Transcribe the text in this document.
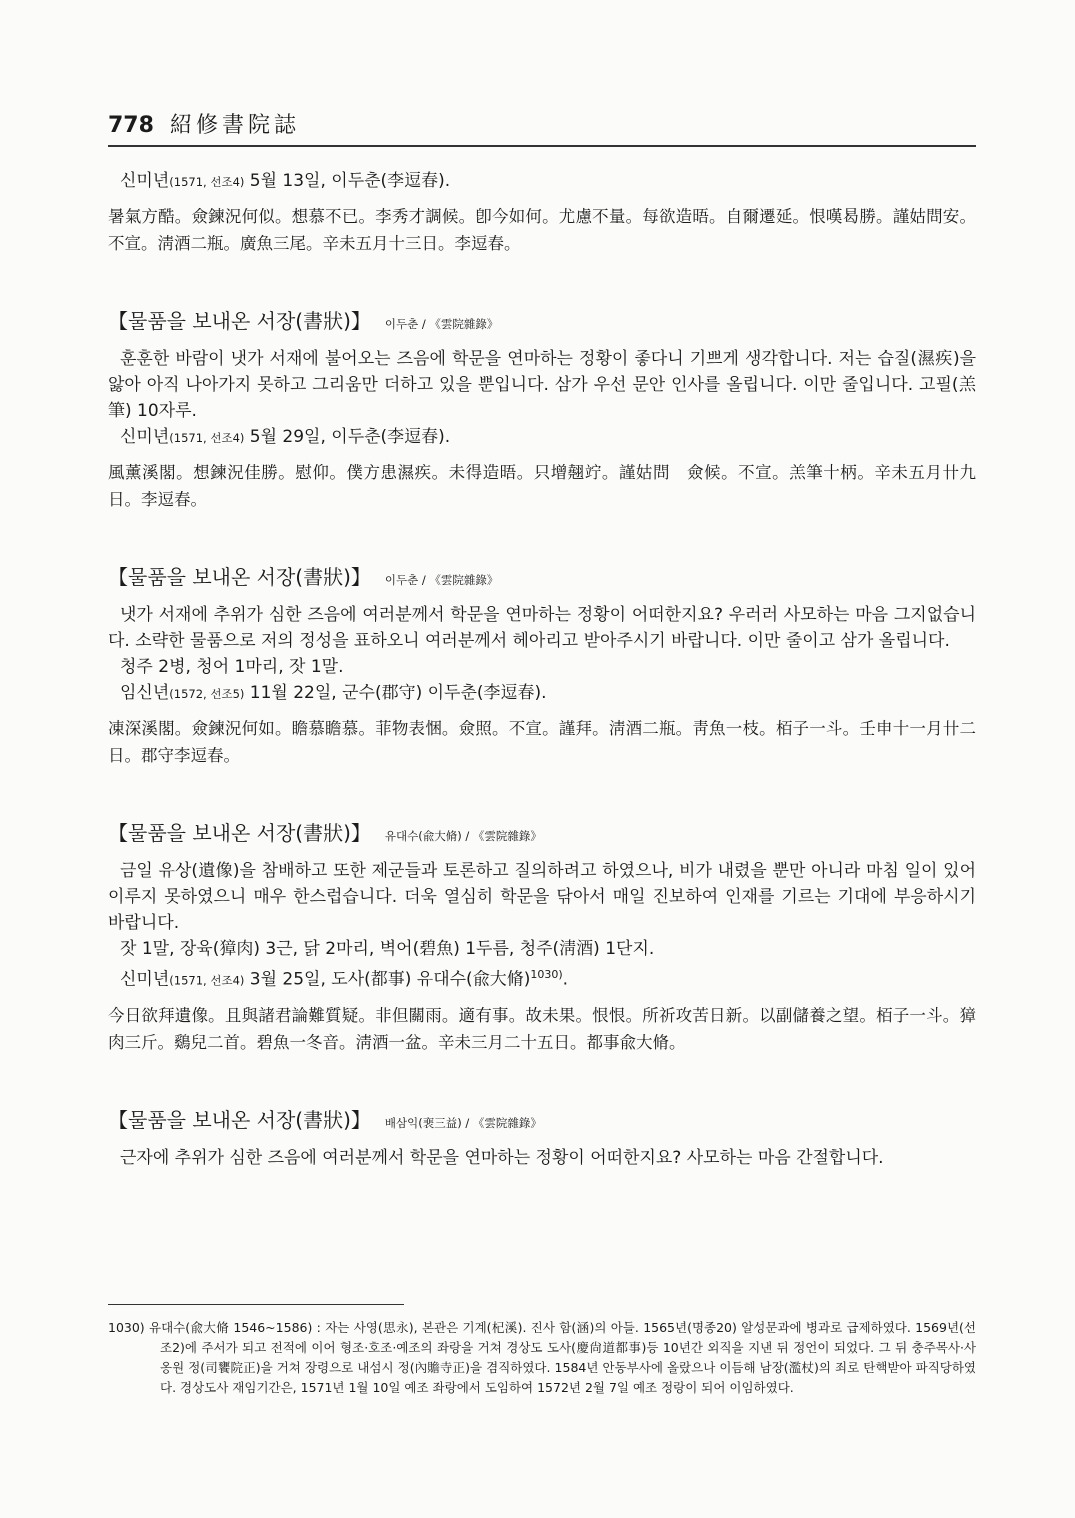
778 紹修書院誌

신미년(1571, 선조4) 5월 13일, 이두춘(李逗春).

暑氣方酷。僉鍊況何似。想慕不已。李秀才調候。卽今如何。尤慮不量。每欲造晤。自爾遷延。恨嘆曷勝。謹姑問安。不宣。淸酒二瓶。廣魚三尾。辛未五月十三日。李逗春。

【물품을 보내온 서장(書狀)】 이두춘 / 《雲院雜錄》

훈훈한 바람이 냇가 서재에 불어오는 즈음에 학문을 연마하는 정황이 좋다니 기쁘게 생각합니다. 저는 습질(濕疾)을 앓아 아직 나아가지 못하고 그리움만 더하고 있을 뿐입니다. 삼가 우선 문안 인사를 올립니다. 이만 줄입니다. 고필(羔筆) 10자루.

신미년(1571, 선조4) 5월 29일, 이두춘(李逗春).

風薰溪閣。想鍊況佳勝。慰仰。僕方患濕疾。未得造晤。只增翹竚。謹姑問　僉候。不宣。羔筆十柄。辛未五月卄九日。李逗春。

【물품을 보내온 서장(書狀)】 이두춘 / 《雲院雜錄》

냇가 서재에 추위가 심한 즈음에 여러분께서 학문을 연마하는 정황이 어떠한지요? 우러러 사모하는 마음 그지없습니다. 소략한 물품으로 저의 정성을 표하오니 여러분께서 헤아리고 받아주시기 바랍니다. 이만 줄이고 삼가 올립니다.

청주 2병, 청어 1마리, 잣 1말.

임신년(1572, 선조5) 11월 22일, 군수(郡守) 이두춘(李逗春).

凍深溪閣。僉鍊況何如。瞻慕瞻慕。菲物表悃。僉照。不宣。謹拜。淸酒二瓶。靑魚一枝。栢子一斗。壬申十一月卄二日。郡守李逗春。

【물품을 보내온 서장(書狀)】 유대수(兪大脩) / 《雲院雜錄》

금일 유상(遺像)을 참배하고 또한 제군들과 토론하고 질의하려고 하였으나, 비가 내렸을 뿐만 아니라 마침 일이 있어 이루지 못하였으니 매우 한스럽습니다. 더욱 열심히 학문을 닦아서 매일 진보하여 인재를 기르는 기대에 부응하시기 바랍니다.

잣 1말, 장육(獐肉) 3근, 닭 2마리, 벽어(碧魚) 1두름, 청주(淸酒) 1단지.

신미년(1571, 선조4) 3월 25일, 도사(都事) 유대수(兪大脩)$^{1030)}$.

今日欲拜遺像。且與諸君論難質疑。非但關雨。適有事。故未果。恨恨。所祈攻苦日新。以副儲養之望。栢子一斗。獐肉三斤。鷄兒二首。碧魚一冬音。淸酒一盆。辛未三月二十五日。都事兪大脩。

【물품을 보내온 서장(書狀)】 배삼익(裵三益) / 《雲院雜錄》

근자에 추위가 심한 즈음에 여러분께서 학문을 연마하는 정황이 어떠한지요? 사모하는 마음 간절합니다.

1030) 유대수(兪大脩 1546~1586) : 자는 사영(思永), 본관은 기계(杞溪). 진사 함(涵)의 아들. 1565년(명종20) 알성문과에 병과로 급제하였다. 1569년(선조2)에 주서가 되고 전적에 이어 형조·호조·예조의 좌랑을 거쳐 경상도 도사(慶尙道都事)등 10년간 외직을 지낸 뒤 정언이 되었다. 그 뒤 충주목사·사옹원 정(司饔院正)을 거쳐 장령으로 내섬시 정(內贍寺正)을 겸직하였다. 1584년 안동부사에 올랐으나 이듬해 남장(濫杖)의 죄로 탄핵받아 파직당하였다. 경상도사 재임기간은, 1571년 1월 10일 예조 좌랑에서 도임하여 1572년 2월 7일 예조 정랑이 되어 이임하였다.
